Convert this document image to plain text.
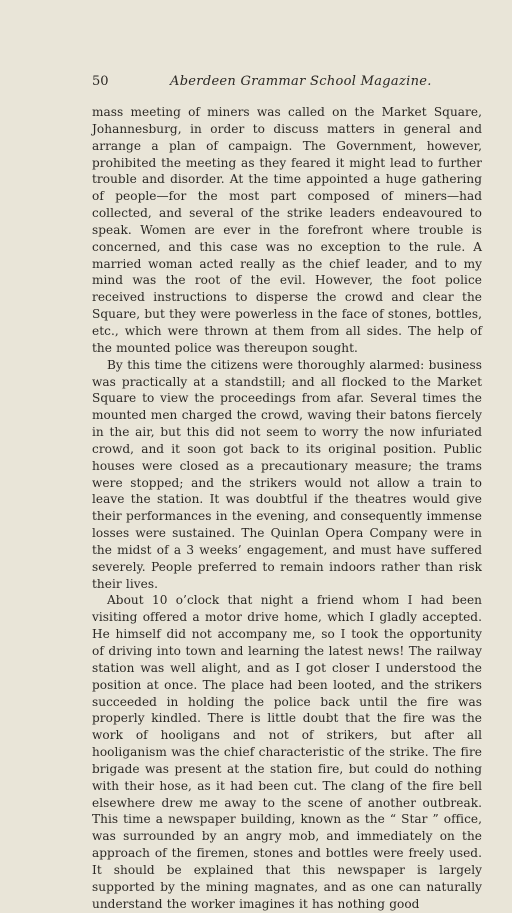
50	Aberdeen Grammar School Magazine.

mass meeting of miners was called on the Market Square, Johannesburg, in order to discuss matters in general and arrange a plan of campaign. The Government, however, prohibited the meeting as they feared it might lead to further trouble and disorder. At the time appointed a huge gathering of people—for the most part composed of miners—had collected, and several of the strike leaders endeavoured to speak. Women are ever in the forefront where trouble is concerned, and this case was no exception to the rule. A married woman acted really as the chief leader, and to my mind was the root of the evil. However, the foot police received instructions to disperse the crowd and clear the Square, but they were powerless in the face of stones, bottles, etc., which were thrown at them from all sides. The help of the mounted police was thereupon sought.

By this time the citizens were thoroughly alarmed: business was practically at a standstill; and all flocked to the Market Square to view the proceedings from afar. Several times the mounted men charged the crowd, waving their batons fiercely in the air, but this did not seem to worry the now infuriated crowd, and it soon got back to its original position. Public houses were closed as a precautionary measure; the trams were stopped; and the strikers would not allow a train to leave the station. It was doubtful if the theatres would give their performances in the evening, and consequently immense losses were sustained. The Quinlan Opera Company were in the midst of a 3 weeks’ engagement, and must have suffered severely. People preferred to remain indoors rather than risk their lives.

About 10 o’clock that night a friend whom I had been visiting offered a motor drive home, which I gladly accepted. He himself did not accompany me, so I took the opportunity of driving into town and learning the latest news! The railway station was well alight, and as I got closer I understood the position at once. The place had been looted, and the strikers succeeded in holding the police back until the fire was properly kindled. There is little doubt that the fire was the work of hooligans and not of strikers, but after all hooliganism was the chief characteristic of the strike. The fire brigade was present at the station fire, but could do nothing with their hose, as it had been cut. The clang of the fire bell elsewhere drew me away to the scene of another outbreak. This time a newspaper building, known as the “ Star ” office, was surrounded by an angry mob, and immediately on the approach of the firemen, stones and bottles were freely used. It should be explained that this newspaper is largely supported by the mining magnates, and as one can naturally understand the worker imagines it has nothing good
